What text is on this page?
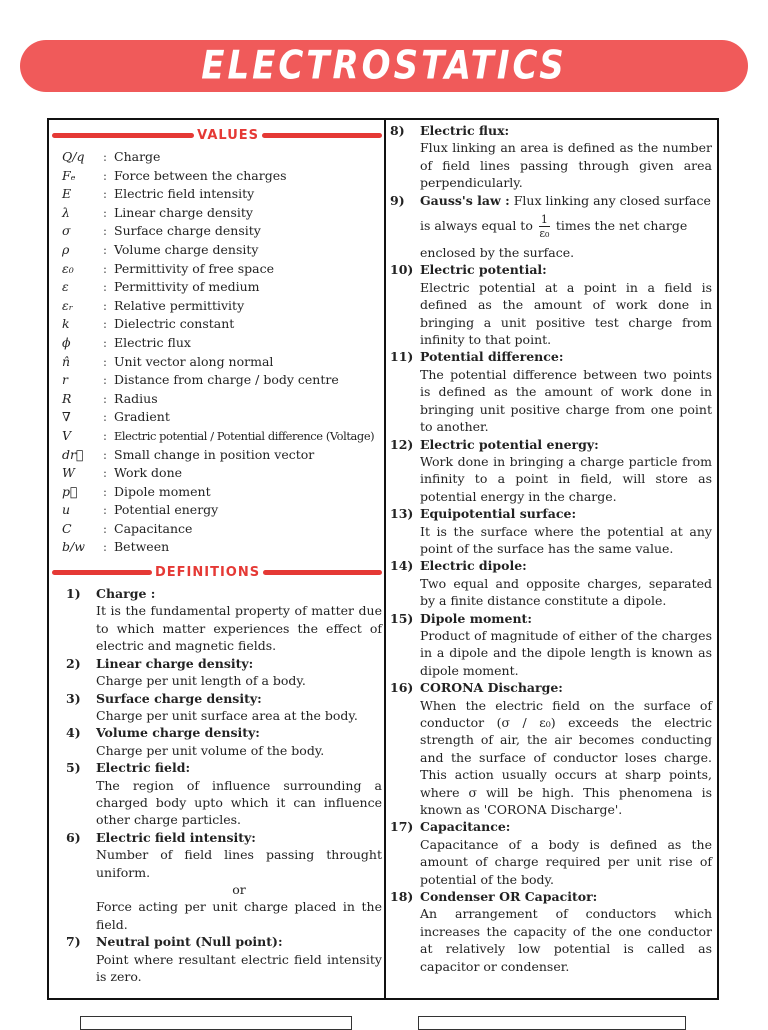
ELECTROSTATICS
VALUES
Q/q	: Charge
Fₑ	: Force between the charges
E	: Electric field intensity
λ	: Linear charge density
σ	: Surface charge density
ρ	: Volume charge density
ε₀	: Permittivity of free space
ε	: Permittivity of medium
εᵣ	: Relative permittivity
k	: Dielectric constant
ϕ	: Electric flux
n̂	: Unit vector along normal
r	: Distance from charge / body centre
R	: Radius
∇	: Gradient
V	: Electric potential / Potential difference (Voltage)
dr⃗	: Small change in position vector
W	: Work done
p⃗	: Dipole moment
u	: Potential energy
C	: Capacitance
b/w	: Between
DEFINITIONS
1)	Charge :
It is the fundamental property of matter due to which matter experiences the effect of electric and magnetic fields.
2)	Linear charge density:
Charge per unit length of a body.
3)	Surface charge density:
Charge per unit surface area at the body.
4)	Volume charge density:
Charge per unit volume of the body.
5)	Electric field:
The region of influence surrounding a charged body upto which it can influence other charge particles.
6)	Electric field intensity:
Number of field lines passing throught uniform.
or
Force acting per unit charge placed in the field.
7)	Neutral point (Null point):
Point where resultant electric field intensity is zero.
8)	Electric flux:
Flux linking an area is defined as the number of field lines passing through given area perpendicularly.
9)	Gauss's law : Flux linking any closed surface
is always equal to $\frac{1}{\text{ε₀}}$ times the net charge
enclosed by the surface.
10) Electric potential:
Electric potential at a point in a field is defined as the amount of work done in bringing a unit positive test charge from infinity to that point.
11) Potential difference:
The potential difference between two points is defined as the amount of work done in bringing unit positive charge from one point to another.
12) Electric potential energy:
Work done in bringing a charge particle from infinity to a point in field, will store as potential energy in the charge.
13) Equipotential surface:
It is the surface where the potential at any point of the surface has the same value.
14) Electric dipole:
Two equal and opposite charges, separated by a finite distance constitute a dipole.
15) Dipole moment:
Product of magnitude of either of the charges in a dipole and the dipole length is known as dipole moment.
16) CORONA Discharge:
When the electric field on the surface of conductor (σ / ε₀) exceeds the electric strength of air, the air becomes conducting and the surface of conductor loses charge. This action usually occurs at sharp points, where σ will be high. This phenomena is known as 'CORONA Discharge'.
17) Capacitance:
Capacitance of a body is defined as the amount of charge required per unit rise of potential of the body.
18) Condenser OR Capacitor:
An arrangement of conductors which increases the capacity of the one conductor at relatively low potential is called as capacitor or condenser.
